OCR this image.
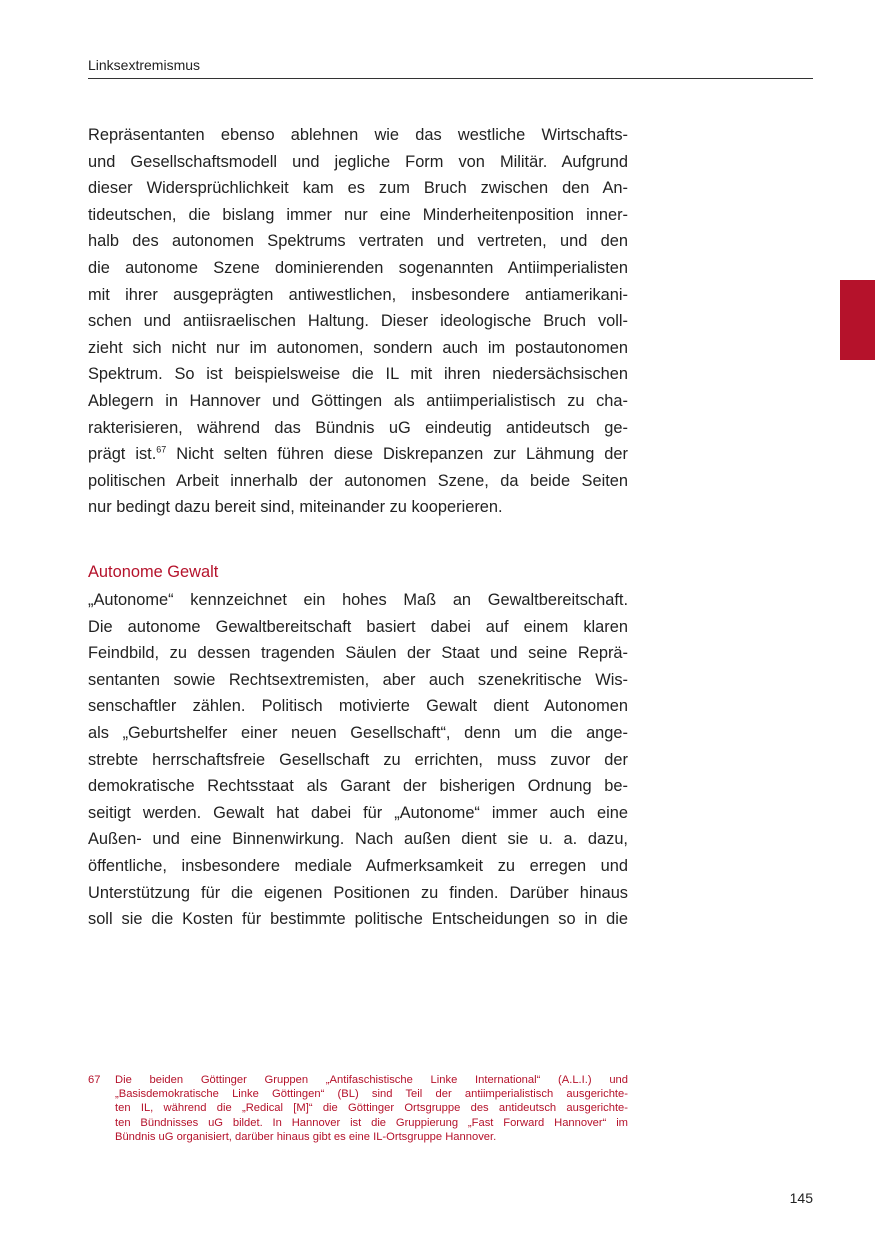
Linksextremismus
Repräsentanten ebenso ablehnen wie das westliche Wirtschafts-
und Gesellschaftsmodell und jegliche Form von Militär. Aufgrund
dieser Widersprüchlichkeit kam es zum Bruch zwischen den An-
tideutschen, die bislang immer nur eine Minderheitenposition inner-
halb des autonomen Spektrums vertraten und vertreten, und den
die autonome Szene dominierenden sogenannten Antiimperialisten
mit ihrer ausgeprägten antiwestlichen, insbesondere antiamerikani-
schen und antiisraelischen Haltung. Dieser ideologische Bruch voll-
zieht sich nicht nur im autonomen, sondern auch im postautonomen
Spektrum. So ist beispielsweise die IL mit ihren niedersächsischen
Ablegern in Hannover und Göttingen als antiimperialistisch zu cha-
rakterisieren, während das Bündnis uG eindeutig antideutsch ge-
prägt ist.$^{67}$ Nicht selten führen diese Diskrepanzen zur Lähmung der
politischen Arbeit innerhalb der autonomen Szene, da beide Seiten
nur bedingt dazu bereit sind, miteinander zu kooperieren.
Autonome Gewalt
„Autonome“ kennzeichnet ein hohes Maß an Gewaltbereitschaft.
Die autonome Gewaltbereitschaft basiert dabei auf einem klaren
Feindbild, zu dessen tragenden Säulen der Staat und seine Reprä-
sentanten sowie Rechtsextremisten, aber auch szenekritische Wis-
senschaftler zählen. Politisch motivierte Gewalt dient Autonomen
als „Geburtshelfer einer neuen Gesellschaft“, denn um die ange-
strebte herrschaftsfreie Gesellschaft zu errichten, muss zuvor der
demokratische Rechtsstaat als Garant der bisherigen Ordnung be-
seitigt werden. Gewalt hat dabei für „Autonome“ immer auch eine
Außen- und eine Binnenwirkung. Nach außen dient sie u. a. dazu,
öffentliche, insbesondere mediale Aufmerksamkeit zu erregen und
Unterstützung für die eigenen Positionen zu finden. Darüber hinaus
soll sie die Kosten für bestimmte politische Entscheidungen so in die
67 Die beiden Göttinger Gruppen „Antifaschistische Linke International“ (A.L.I.) und
„Basisdemokratische Linke Göttingen“ (BL) sind Teil der antiimperialistisch ausgerichte-
ten IL, während die „Redical [M]“ die Göttinger Ortsgruppe des antideutsch ausgerichte-
ten Bündnisses uG bildet. In Hannover ist die Gruppierung „Fast Forward Hannover“ im
Bündnis uG organisiert, darüber hinaus gibt es eine IL-Ortsgruppe Hannover.
145
